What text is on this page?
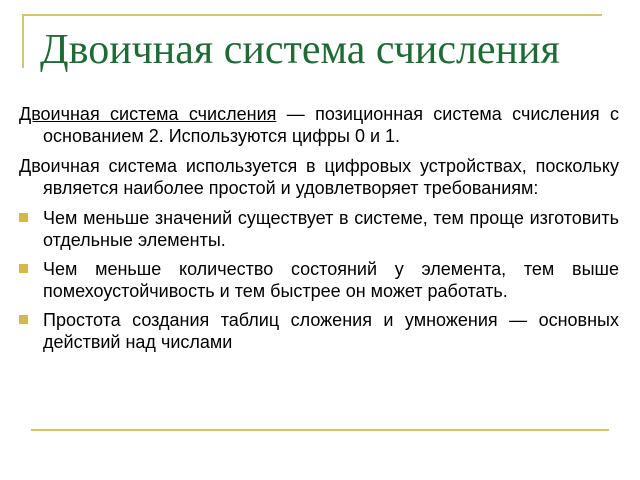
Двоичная система счисления

Двоичная система счисления — позиционная система счисления с основанием 2. Используются цифры 0 и 1.

Двоичная система используется в цифровых устройствах, поскольку является наиболее простой и удовлетворяет требованиям:

Чем меньше значений существует в системе, тем проще изготовить отдельные элементы.
Чем меньше количество состояний у элемента, тем выше помехоустойчивость и тем быстрее он может работать.
Простота создания таблиц сложения и умножения — основных действий над числами
